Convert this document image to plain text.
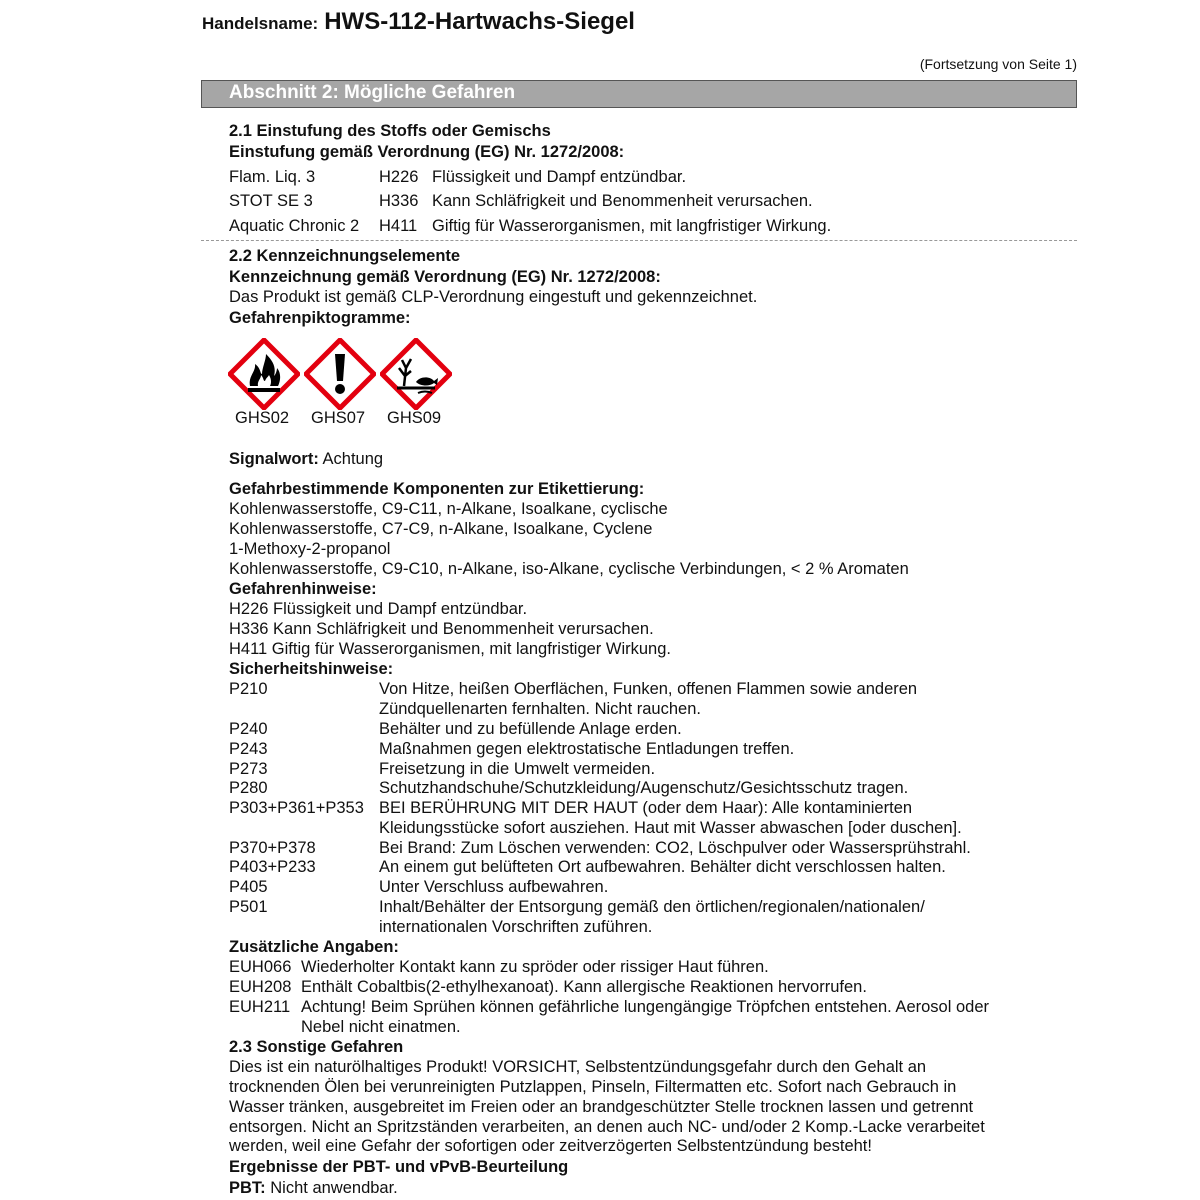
Handelsname: HWS-112-Hartwachs-Siegel
(Fortsetzung von Seite 1)
Abschnitt 2: Mögliche Gefahren
2.1 Einstufung des Stoffs oder Gemischs
Einstufung gemäß Verordnung (EG) Nr. 1272/2008:
Flam. Liq. 3	H226 Flüssigkeit und Dampf entzündbar.
STOT SE 3	H336 Kann Schläfrigkeit und Benommenheit verursachen.
Aquatic Chronic 2 H411 Giftig für Wasserorganismen, mit langfristiger Wirkung.
2.2 Kennzeichnungselemente
Kennzeichnung gemäß Verordnung (EG) Nr. 1272/2008:
Das Produkt ist gemäß CLP-Verordnung eingestuft und gekennzeichnet.
Gefahrenpiktogramme:
GHS02 GHS07 GHS09
Signalwort: Achtung
Gefahrbestimmende Komponenten zur Etikettierung:
Kohlenwasserstoffe, C9-C11, n-Alkane, Isoalkane, cyclische
Kohlenwasserstoffe, C7-C9, n-Alkane, Isoalkane, Cyclene
1-Methoxy-2-propanol
Kohlenwasserstoffe, C9-C10, n-Alkane, iso-Alkane, cyclische Verbindungen, < 2 % Aromaten
Gefahrenhinweise:
H226 Flüssigkeit und Dampf entzündbar.
H336 Kann Schläfrigkeit und Benommenheit verursachen.
H411 Giftig für Wasserorganismen, mit langfristiger Wirkung.
Sicherheitshinweise:
P210	Von Hitze, heißen Oberflächen, Funken, offenen Flammen sowie anderen
Zündquellenarten fernhalten. Nicht rauchen.
P240	Behälter und zu befüllende Anlage erden.
P243	Maßnahmen gegen elektrostatische Entladungen treffen.
P273	Freisetzung in die Umwelt vermeiden.
P280	Schutzhandschuhe/Schutzkleidung/Augenschutz/Gesichtsschutz tragen.
P303+P361+P353 BEI BERÜHRUNG MIT DER HAUT (oder dem Haar): Alle kontaminierten
Kleidungsstücke sofort ausziehen. Haut mit Wasser abwaschen [oder duschen].
P370+P378	Bei Brand: Zum Löschen verwenden: CO2, Löschpulver oder Wassersprühstrahl.
P403+P233	An einem gut belüfteten Ort aufbewahren. Behälter dicht verschlossen halten.
P405	Unter Verschluss aufbewahren.
P501	Inhalt/Behälter der Entsorgung gemäß den örtlichen/regionalen/nationalen/
internationalen Vorschriften zuführen.
Zusätzliche Angaben:
EUH066 Wiederholter Kontakt kann zu spröder oder rissiger Haut führen.
EUH208 Enthält Cobaltbis(2-ethylhexanoat). Kann allergische Reaktionen hervorrufen.
EUH211 Achtung! Beim Sprühen können gefährliche lungengängige Tröpfchen entstehen. Aerosol oder
Nebel nicht einatmen.
2.3 Sonstige Gefahren
Dies ist ein naturölhaltiges Produkt! VORSICHT, Selbstentzündungsgefahr durch den Gehalt an
trocknenden Ölen bei verunreinigten Putzlappen, Pinseln, Filtermatten etc. Sofort nach Gebrauch in
Wasser tränken, ausgebreitet im Freien oder an brandgeschützter Stelle trocknen lassen und getrennt
entsorgen. Nicht an Spritzständen verarbeiten, an denen auch NC- und/oder 2 Komp.-Lacke verarbeitet
werden, weil eine Gefahr der sofortigen oder zeitverzögerten Selbstentzündung besteht!
Ergebnisse der PBT- und vPvB-Beurteilung
PBT: Nicht anwendbar.
